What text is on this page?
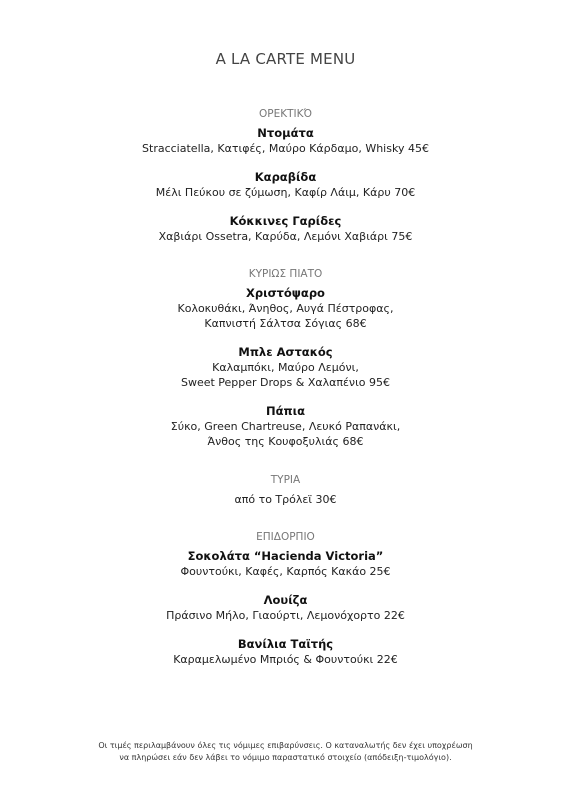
A LA CARTE MENU
ΟΡΕΚΤΙΚΌ
Ντομάτα
Stracciatella, Κατιφές, Μαύρο Κάρδαμο, Whisky 45€
Καραβίδα
Μέλι Πεύκου σε ζύμωση, Καφίρ Λάιμ, Κάρυ 70€
Κόκκινες Γαρίδες
Χαβιάρι Ossetra, Καρύδα, Λεμόνι Χαβιάρι 75€
ΚΥΡΙΩΣ ΠΙΑΤΟ
Χριστόψαρο
Κολοκυθάκι, Άνηθος, Αυγά Πέστροφας,
Καπνιστή Σάλτσα Σόγιας 68€
Μπλε Αστακός
Καλαμπόκι, Μαύρο Λεμόνι,
Sweet Pepper Drops & Χαλαπένιο 95€
Πάπια
Σύκο, Green Chartreuse, Λευκό Ραπανάκι,
Άνθος της Κουφοξυλιάς 68€
ΤΥΡΙΑ
από το Τρόλεϊ 30€
ΕΠΙΔΟΡΠΙΟ
Σοκολάτα “Hacienda Victoria”
Φουντούκι, Καφές, Καρπός Κακάο 25€
Λουίζα
Πράσινο Μήλο, Γιαούρτι, Λεμονόχορτο 22€
Βανίλια Ταϊτής
Καραμελωμένο Μπριός & Φουντούκι 22€
Οι τιμές περιλαμβάνουν όλες τις νόμιμες επιβαρύνσεις. Ο καταναλωτής δεν έχει υποχρέωση
να πληρώσει εάν δεν λάβει το νόμιμο παραστατικό στοιχείο (απόδειξη-τιμολόγιο).
